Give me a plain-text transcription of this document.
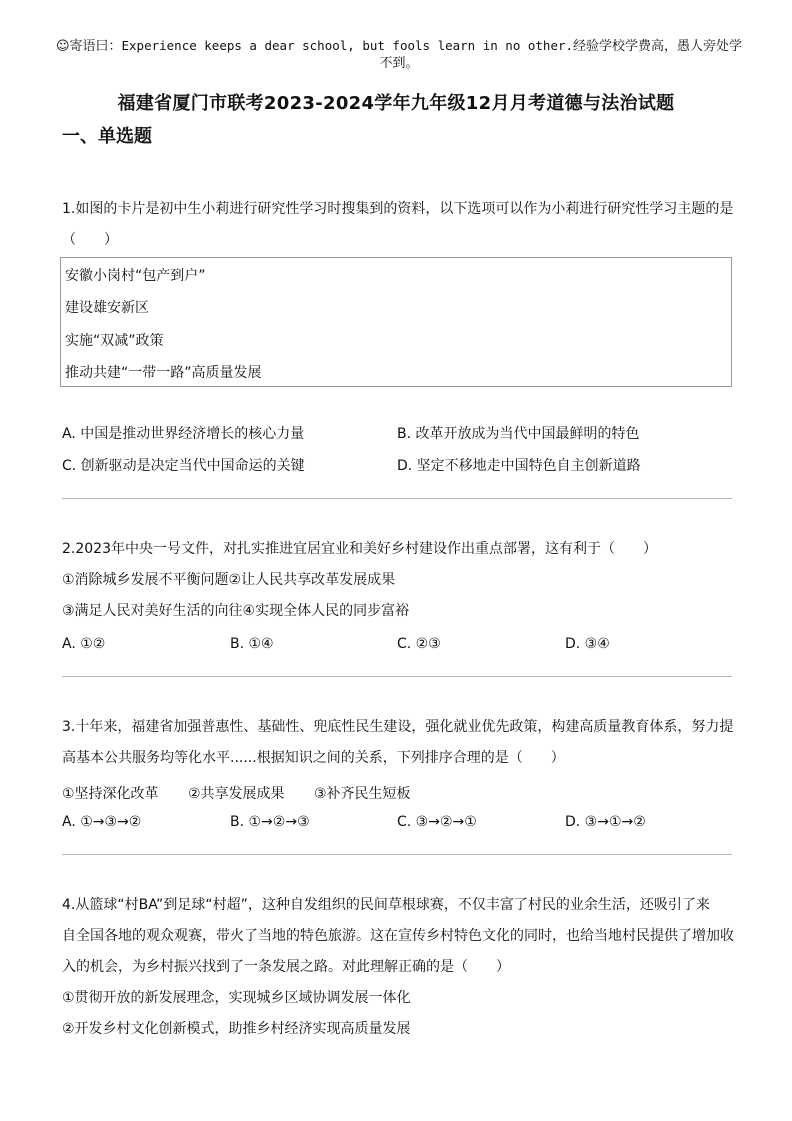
☺寄语曰：Experience keeps a dear school, but fools learn in no other.经验学校学费高，愚人旁处学
不到。
福建省厦门市联考2023-2024学年九年级12月月考道德与法治试题
一、单选题
1.如图的卡片是初中生小莉进行研究性学习时搜集到的资料，以下选项可以作为小莉进行研究性学习主题的是
（　　）
安徽小岗村“包产到户”
建设雄安新区
实施“双减”政策
推动共建“一带一路”高质量发展
A. 中国是推动世界经济增长的核心力量	B. 改革开放成为当代中国最鲜明的特色
C. 创新驱动是决定当代中国命运的关键	D. 坚定不移地走中国特色自主创新道路
2.2023年中央一号文件，对扎实推进宜居宜业和美好乡村建设作出重点部署，这有利于（　　）
①消除城乡发展不平衡问题②让人民共享改革发展成果
③满足人民对美好生活的向往④实现全体人民的同步富裕
A. ①②	B. ①④	C. ②③	D. ③④
3.十年来，福建省加强普惠性、基础性、兜底性民生建设，强化就业优先政策，构建高质量教育体系，努力提
高基本公共服务均等化水平......根据知识之间的关系，下列排序合理的是（　　）
①坚持深化改革 ②共享发展成果 ③补齐民生短板
A. ①→③→②	B. ①→②→③	C. ③→②→①	D. ③→①→②
4.从篮球“村BA”到足球“村超”，这种自发组织的民间草根球赛，不仅丰富了村民的业余生活，还吸引了来
自全国各地的观众观赛，带火了当地的特色旅游。这在宣传乡村特色文化的同时，也给当地村民提供了增加收
入的机会，为乡村振兴找到了一条发展之路。对此理解正确的是（　　）
①贯彻开放的新发展理念，实现城乡区域协调发展一体化
②开发乡村文化创新模式，助推乡村经济实现高质量发展
